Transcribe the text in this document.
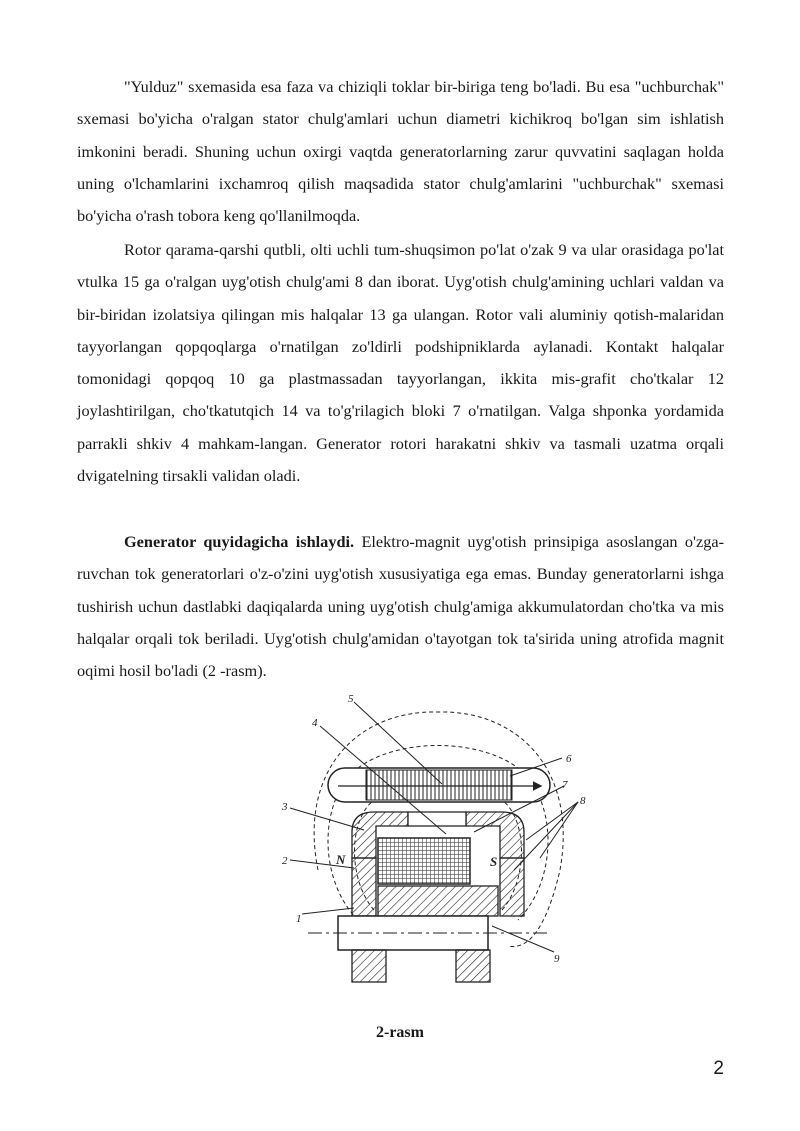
"Yulduz" sxemasida esa faza va chiziqli toklar bir-biriga teng bo'ladi. Bu esa "uchburchak" sxemasi bo'yicha o'ralgan stator chulg'amlari uchun diametri kichikroq bo'lgan sim ishlatish imkonini beradi. Shuning uchun oxirgi vaqtda generatorlarning zarur quvvatini saqlagan holda uning o'lchamlarini ixchamroq qilish maqsadida stator chulg'amlarini "uchburchak" sxemasi bo'yicha o'rash tobora keng qo'llanilmoqda.

Rotor qarama-qarshi qutbli, olti uchli tum-shuqsimon po'lat o'zak 9 va ular orasidaga po'lat vtulka 15 ga o'ralgan uyg'otish chulg'ami 8 dan iborat. Uyg'otish chulg'amining uchlari valdan va bir-biridan izolatsiya qilingan mis halqalar 13 ga ulangan. Rotor vali aluminiy qotish-malaridan tayyorlangan qopqoqlarga o'rnatilgan zo'ldirli podshipniklarda aylanadi. Kontakt halqalar tomonidagi qopqoq 10 ga plastmassadan tayyorlangan, ikkita mis-grafit cho'tkalar 12 joylashtirilgan, cho'tkatutqich 14 va to'g'rilagich bloki 7 o'rnatilgan. Valga shponka yordamida parrakli shkiv 4 mahkam-langan. Generator rotori harakatni shkiv va tasmali uzatma orqali dvigatelning tirsakli validan oladi.

Generator quyidagicha ishlaydi. Elektro-magnit uyg'otish prinsipiga asoslangan o'zga-ruvchan tok generatorlari o'z-o'zini uyg'otish xususiyatiga ega emas. Bunday generatorlarni ishga tushirish uchun dastlabki daqiqalarda uning uyg'otish chulg'amiga akkumulatordan cho'tka va mis halqalar orqali tok beriladi. Uyg'otish chulg'amidan o'tayotgan tok ta'sirida uning atrofida magnit oqimi hosil bo'ladi (2 -rasm).

5
4
3
2
1
6
7
8
9
N	S
2-rasm
2
